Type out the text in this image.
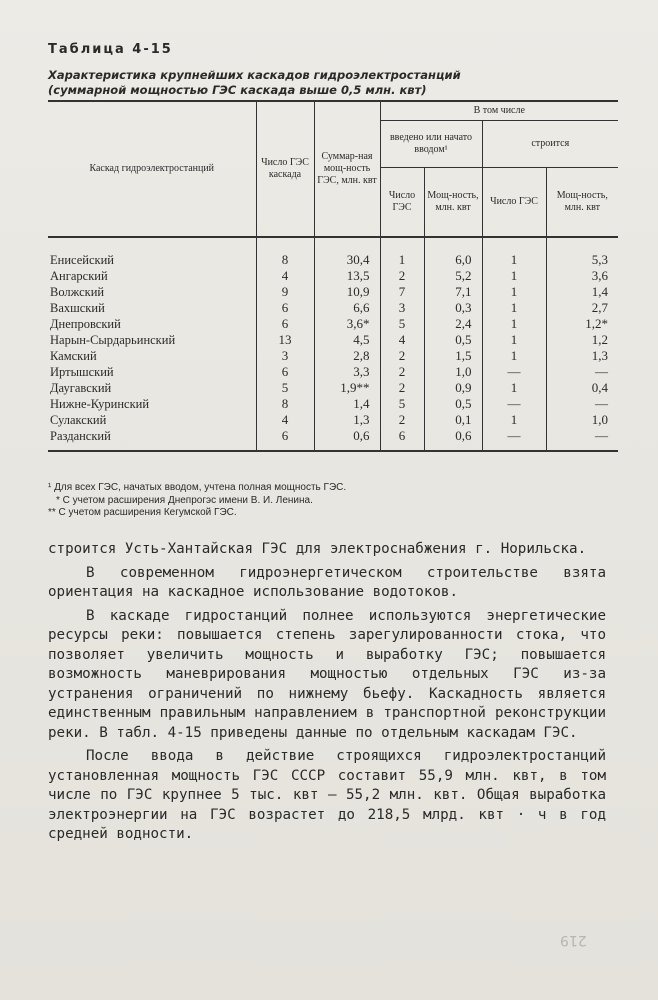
Таблица 4-15
Характеристика крупнейших каскадов гидроэлектростанций
(суммарной мощностью ГЭС каскада выше 0,5 млн. квт)
Каскад гидроэлектростанций	Число ГЭС каскада	Суммар-ная мощ-ность ГЭС, млн. квт	В том числе			
			введено или начато вводом¹		строится	
			Число ГЭС	Мощ-ность, млн. квт	Число ГЭС	Мощ-ность, млн. квт
Енисейский	8	30,4	1	6,0	1	5,3
Ангарский	4	13,5	2	5,2	1	3,6
Волжский	9	10,9	7	7,1	1	1,4
Вахшский	6	6,6	3	0,3	1	2,7
Днепровский	6	3,6*	5	2,4	1	1,2*
Нарын-Сырдарьинский	13	4,5	4	0,5	1	1,2
Камский	3	2,8	2	1,5	1	1,3
Иртышский	6	3,3	2	1,0	—	—
Даугавский	5	1,9**	2	0,9	1	0,4
Нижне-Куринский	8	1,4	5	0,5	—	—
Сулакский	4	1,3	2	0,1	1	1,0
Разданский	6	0,6	6	0,6	—	—
¹ Для всех ГЭС, начатых вводом, учтена полная мощность ГЭС.
* С учетом расширения Днепрогэс имени В. И. Ленина.
** С учетом расширения Кегумской ГЭС.

строится Усть-Хантайская ГЭС для электроснабжения г. Норильска.

В современном гидроэнергетическом строительстве взята ориентация на каскадное использование водотоков.

В каскаде гидростанций полнее используются энергетические ресурсы реки: повышается степень зарегулированности стока, что позволяет увеличить мощность и выработку ГЭС; повышается возможность маневрирования мощностью отдельных ГЭС из-за устранения ограничений по нижнему бьефу. Каскадность является единственным правильным направлением в транспортной реконструкции реки. В табл. 4-15 приведены данные по отдельным каскадам ГЭС.

После ввода в действие строящихся гидроэлектростанций установленная мощность ГЭС СССР составит 55,9 млн. квт, в том числе по ГЭС крупнее 5 тыс. квт — 55,2 млн. квт. Общая выработка электроэнергии на ГЭС возрастет до 218,5 млрд. квт · ч в год средней водности.

219
